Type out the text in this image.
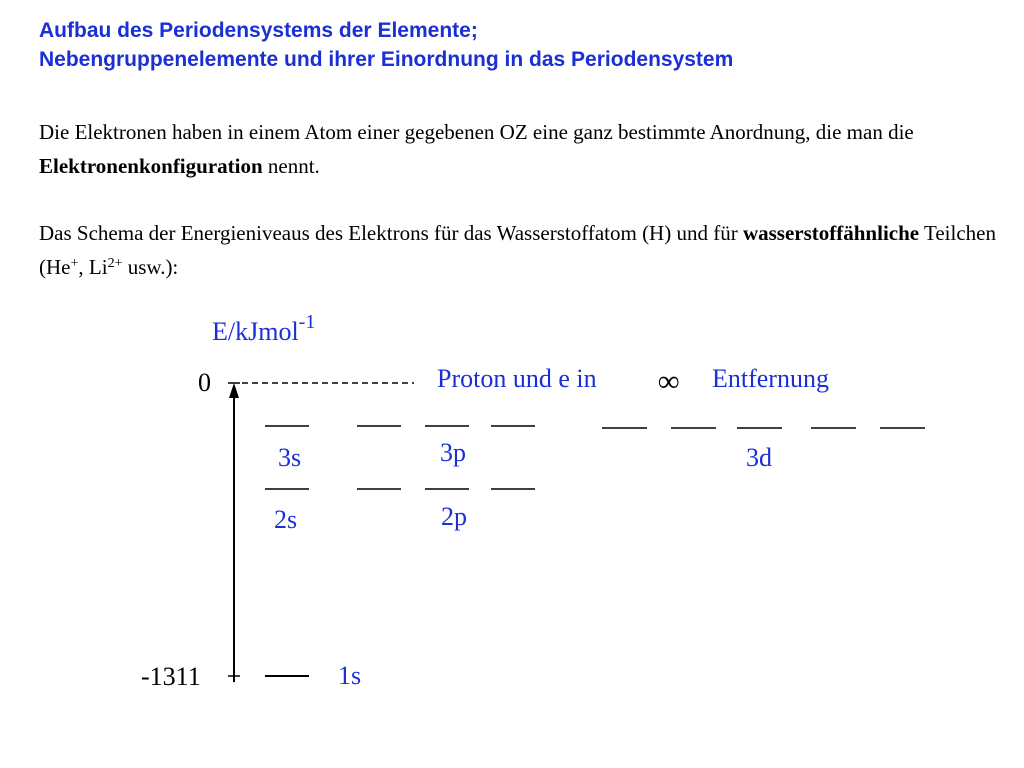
Aufbau des Periodensystems der Elemente;
Nebengruppenelemente und ihrer Einordnung in das Periodensystem

Die Elektronen haben in einem Atom einer gegebenen OZ eine ganz bestimmte Anordnung, die man die Elektronenkonfiguration nennt.

Das Schema der Energieniveaus des Elektrons für das Wasserstoffatom (H) und für wasserstoffähnliche Teilchen (He+, $Li^{2+}$ usw.):

E/kJmol$^{-1}$
0
-1311
Proton und e in ∞ Entfernung
3s	3p	3d
2s	2p
1s
